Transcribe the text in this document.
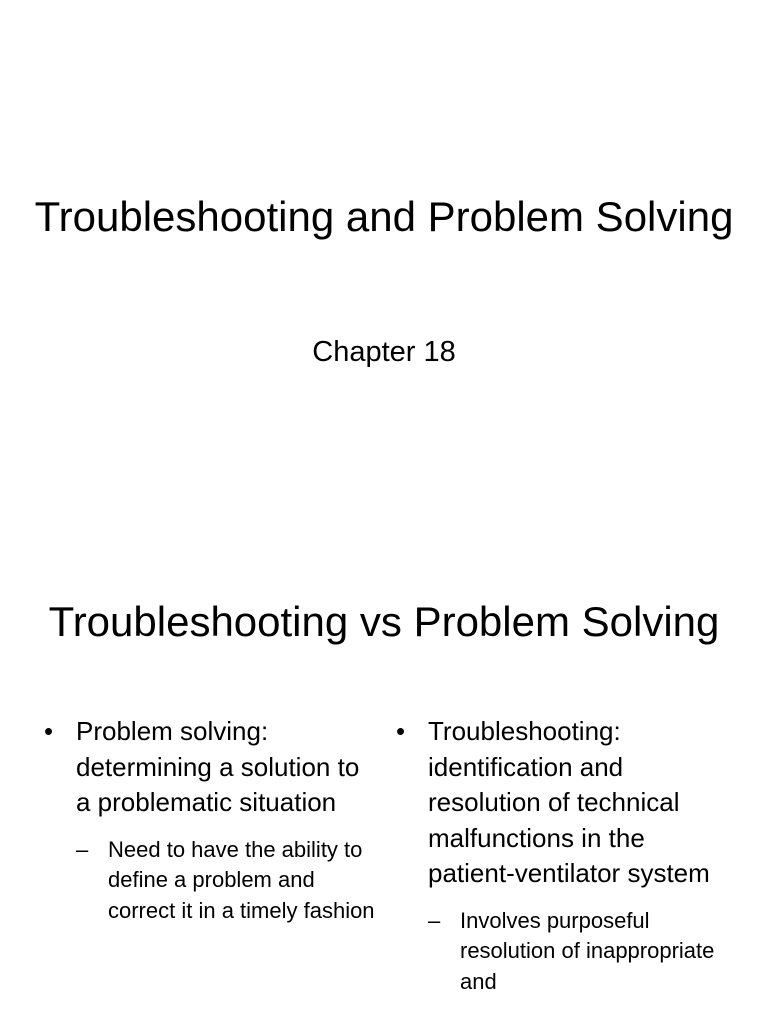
Troubleshooting and Problem Solving
Chapter 18
Troubleshooting vs Problem Solving
• Problem solving: determining a solution to a problematic situation
– Need to have the ability to define a problem and correct it in a timely fashion
• Troubleshooting: identification and resolution of technical malfunctions in the patient-ventilator system
– Involves purposeful resolution of inappropriate and
